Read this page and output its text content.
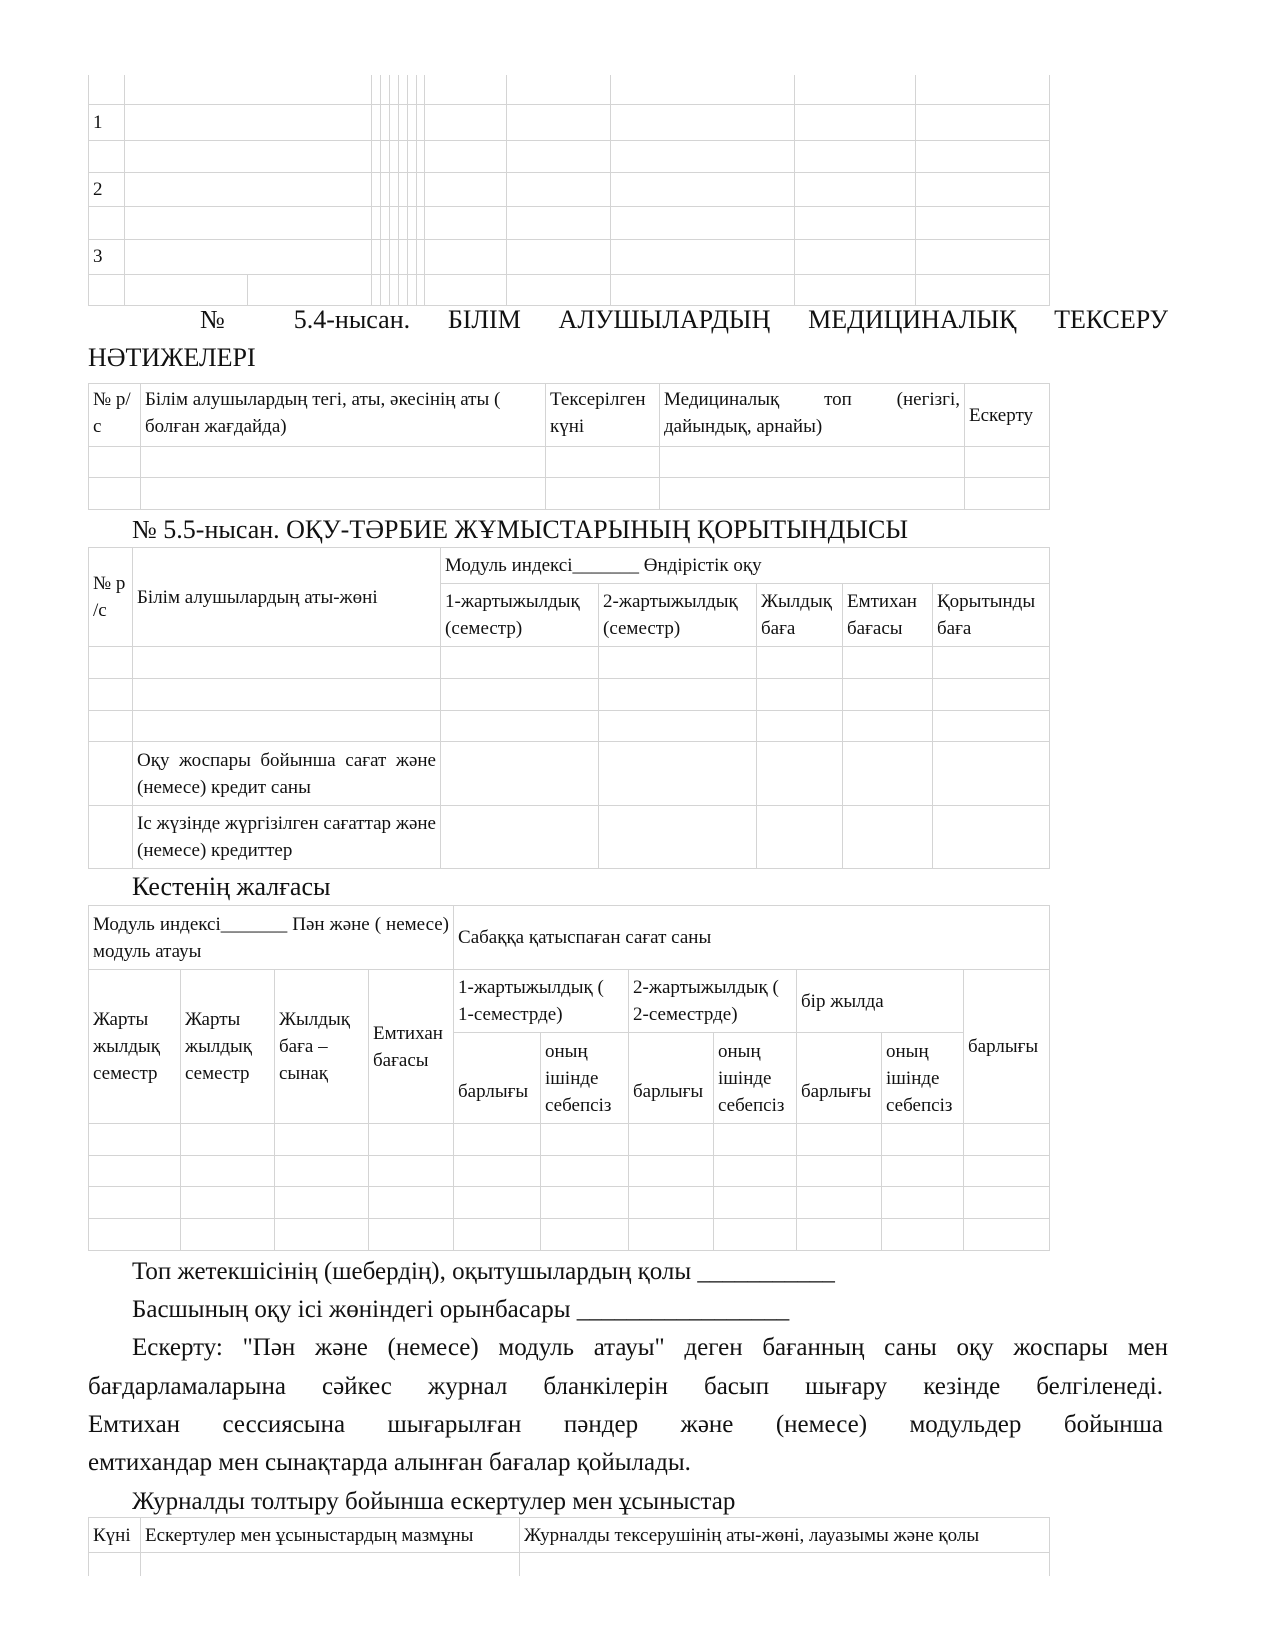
1													

2													

3													

№ 5.4-нысан. БІЛІМ АЛУШЫЛАРДЫҢ МЕДИЦИНАЛЫҚ ТЕКСЕРУ
НӘТИЖЕЛЕРІ
№ р/с	Білім алушылардың тегі, аты, әкесінің аты ( болған жағдайда)	Тексерілген күні	Медициналық топ (негізгі, дайындық, арнайы)	Ескерту

№ 5.5-нысан. ОҚУ-ТӘРБИЕ ЖҰМЫСТАРЫНЫҢ ҚОРЫТЫНДЫСЫ
№ р /с	Білім алушылардың аты-жөні	Модуль индексі_______ Өндірістік оқу				
		1-жартыжылдық (семестр)	2-жартыжылдық (семестр)	Жылдық баға	Емтихан бағасы	Қорытынды баға

	Оқу жоспары бойынша сағат және (немесе) кредит саны					
	Іс жүзінде жүргізілген сағаттар және (немесе) кредиттер					
Кестенің жалғасы
Модуль индексі_______ Пән және ( немесе) модуль атауы				Сабаққа қатыспаған сағат саны						
Жарты жылдық семестр	Жарты жылдық семестр	Жылдық баға – сынақ	Емтихан бағасы	1-жартыжылдық ( 1-семестрде)		2-жартыжылдық ( 2-семестрде)		бір жылда		барлығы
				барлығы	оның ішінде себепсіз	барлығы	оның ішінде себепсіз	барлығы	оның ішінде себепсіз	

Топ жетекшісінің (шебердің), оқытушылардың қолы ___________
Басшының оқу ісі жөніндегі орынбасары _________________
Ескерту: "Пән және (немесе) модуль атауы" деген бағанның саны оқу жоспары мен
бағдарламаларына сәйкес журнал бланкілерін басып шығару кезінде белгіленеді.
Емтихан сессиясына шығарылған пәндер және (немесе) модульдер бойынша
емтихандар мен сынақтарда алынған бағалар қойылады.
Журналды толтыру бойынша ескертулер мен ұсыныстар
Күні	Ескертулер мен ұсыныстардың мазмұны	Журналды тексерушінің аты-жөні, лауазымы және қолы
